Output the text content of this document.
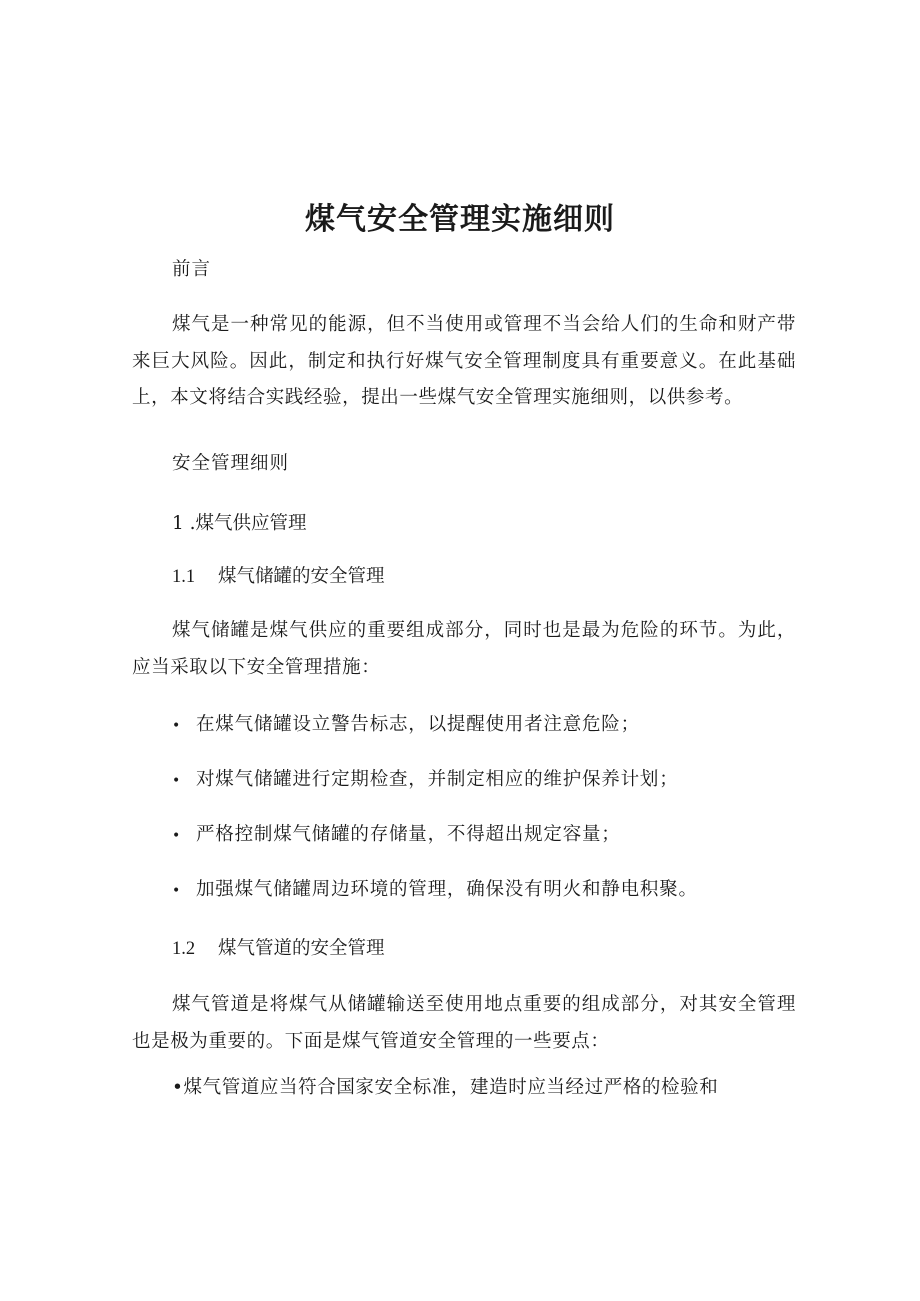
煤气安全管理实施细则

前言

煤气是一种常见的能源，但不当使用或管理不当会给人们的生命和财产带来巨大风险。因此，制定和执行好煤气安全管理制度具有重要意义。在此基础上，本文将结合实践经验，提出一些煤气安全管理实施细则，以供参考。

安全管理细则

1 .煤气供应管理

1.1 煤气储罐的安全管理

煤气储罐是煤气供应的重要组成部分，同时也是最为危险的环节。为此，应当采取以下安全管理措施：

• 在煤气储罐设立警告标志，以提醒使用者注意危险；

• 对煤气储罐进行定期检查，并制定相应的维护保养计划；

• 严格控制煤气储罐的存储量，不得超出规定容量；

• 加强煤气储罐周边环境的管理，确保没有明火和静电积聚。

1.2 煤气管道的安全管理

煤气管道是将煤气从储罐输送至使用地点重要的组成部分，对其安全管理也是极为重要的。下面是煤气管道安全管理的一些要点：

•煤气管道应当符合国家安全标准，建造时应当经过严格的检验和
